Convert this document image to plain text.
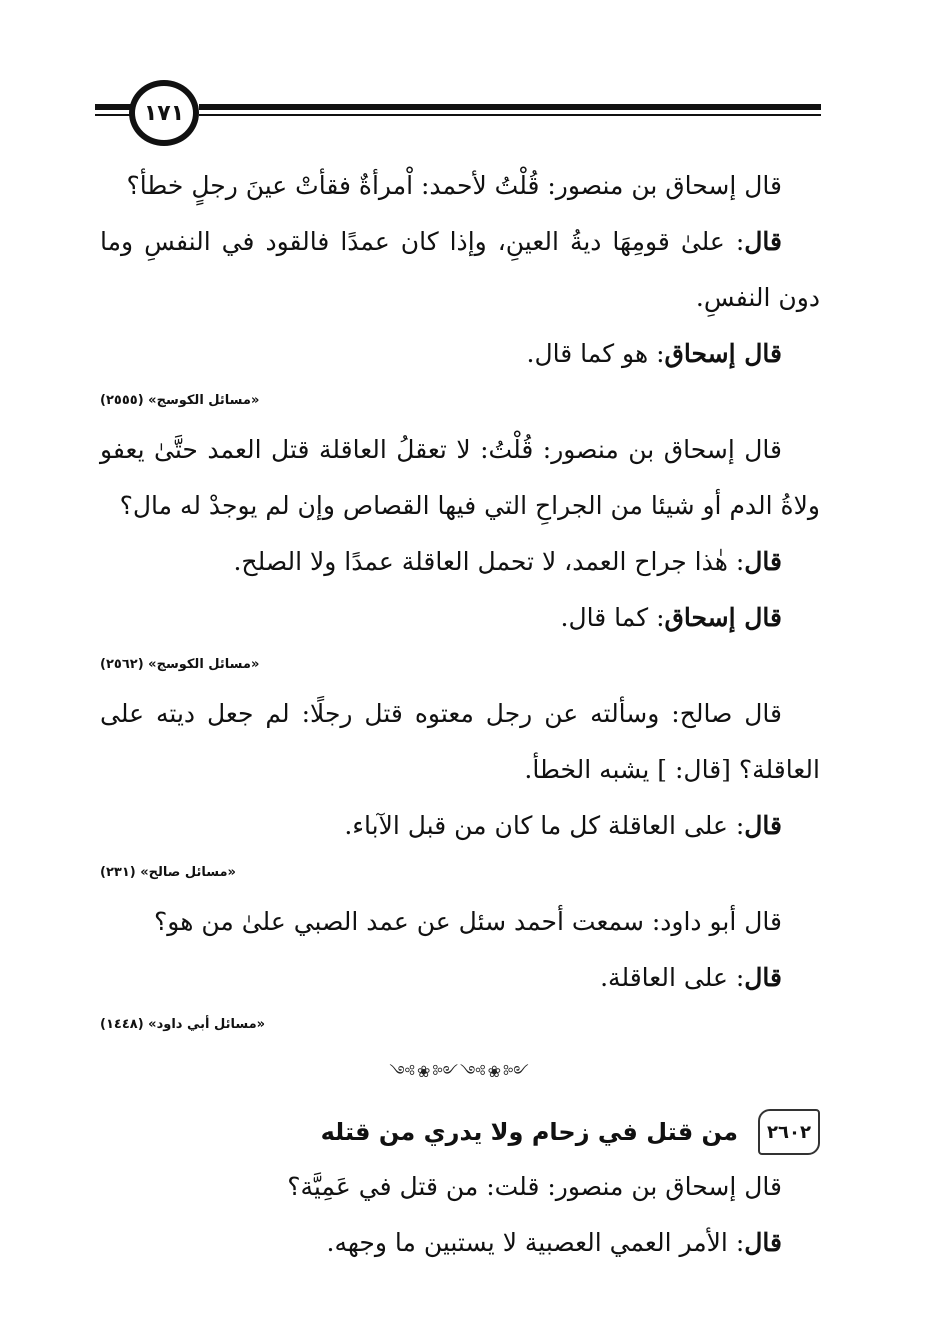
١٧١

قال إسحاق بن منصور: قُلْتُ لأحمد: اْمرأةٌ فقأتْ عينَ رجلٍ خطأ؟

قال: علىٰ قومِهَا ديةُ العينِ، وإذا كان عمدًا فالقود في النفسِ وما دون النفسِ.

قال إسحاق: هو كما قال.

«مسائل الكوسج» (٢٥٥٥)

قال إسحاق بن منصور: قُلْتُ: لا تعقلُ العاقلة قتل العمد حتَّىٰ يعفو ولاةُ الدم أو شيئا من الجراحِ التي فيها القصاص وإن لم يوجدْ له مال؟

قال: هٰذا جراح العمد، لا تحمل العاقلة عمدًا ولا الصلح.

قال إسحاق: كما قال.

«مسائل الكوسج» (٢٥٦٢)

قال صالح: وسألته عن رجل معتوه قتل رجلًا: لم جعل ديته على العاقلة؟ [قال: ] يشبه الخطأ.

قال: على العاقلة كل ما كان من قبل الآباء.

«مسائل صالح» (٢٣١)

قال أبو داود: سمعت أحمد سئل عن عمد الصبي علىٰ من هو؟

قال: على العاقلة.

«مسائل أبي داود» (١٤٤٨)
༺❀༻༺❀༻
من قتل في زحام ولا يدري من قتله	٢٦٠٢

قال إسحاق بن منصور: قلت: من قتل في عَمِيَّة؟

قال: الأمر العمي العصبية لا يستبين ما وجهه.
